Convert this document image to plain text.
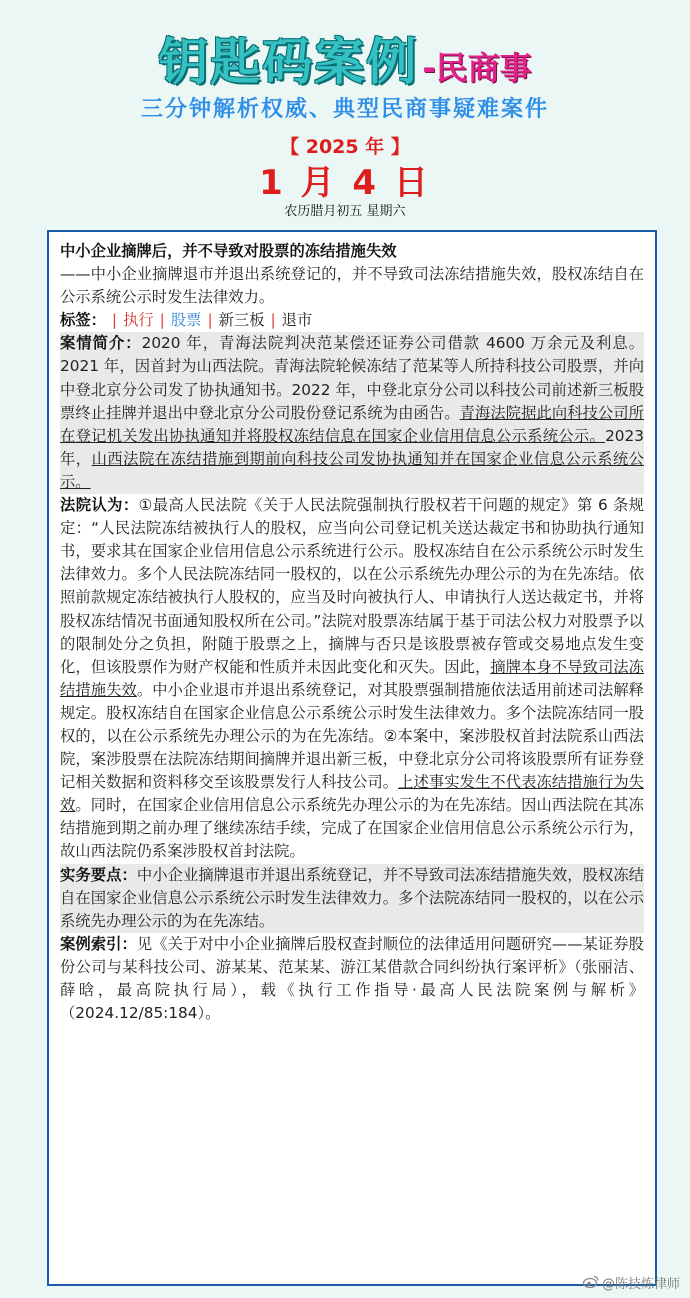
钥匙码案例 -民商事
三分钟解析权威、典型民商事疑难案件
【 2025 年 】
1 月 4 日
农历腊月初五 星期六
中小企业摘牌后，并不导致对股票的冻结措施失效
——中小企业摘牌退市并退出系统登记的，并不导致司法冻结措施失效，股权冻结自在公示系统公示时发生法律效力。
标签： | 执行 | 股票 | 新三板 | 退市
案情简介：2020 年，青海法院判决范某偿还证券公司借款 4600 万余元及利息。2021 年，因首封为山西法院。青海法院轮候冻结了范某等人所持科技公司股票，并向中登北京分公司发了协执通知书。2022 年，中登北京分公司以科技公司前述新三板股票终止挂牌并退出中登北京分公司股份登记系统为由函告。青海法院据此向科技公司所在登记机关发出协执通知并将股权冻结信息在国家企业信用信息公示系统公示。2023 年，山西法院在冻结措施到期前向科技公司发协执通知并在国家企业信息公示系统公示。
法院认为：①最高人民法院《关于人民法院强制执行股权若干问题的规定》第 6 条规定：“人民法院冻结被执行人的股权，应当向公司登记机关送达裁定书和协助执行通知书，要求其在国家企业信用信息公示系统进行公示。股权冻结自在公示系统公示时发生法律效力。多个人民法院冻结同一股权的，以在公示系统先办理公示的为在先冻结。依照前款规定冻结被执行人股权的，应当及时向被执行人、申请执行人送达裁定书，并将股权冻结情况书面通知股权所在公司。”法院对股票冻结属于基于司法公权力对股票予以的限制处分之负担，附随于股票之上，摘牌与否只是该股票被存管或交易地点发生变化，但该股票作为财产权能和性质并未因此变化和灭失。因此，摘牌本身不导致司法冻结措施失效。中小企业退市并退出系统登记，对其股票强制措施依法适用前述司法解释规定。股权冻结自在国家企业信息公示系统公示时发生法律效力。多个法院冻结同一股权的，以在公示系统先办理公示的为在先冻结。②本案中，案涉股权首封法院系山西法院，案涉股票在法院冻结期间摘牌并退出新三板，中登北京分公司将该股票所有证券登记相关数据和资料移交至该股票发行人科技公司。上述事实发生不代表冻结措施行为失效。同时，在国家企业信用信息公示系统先办理公示的为在先冻结。因山西法院在其冻结措施到期之前办理了继续冻结手续，完成了在国家企业信用信息公示系统公示行为，故山西法院仍系案涉股权首封法院。
实务要点：中小企业摘牌退市并退出系统登记，并不导致司法冻结措施失效，股权冻结自在国家企业信息公示系统公示时发生法律效力。多个法院冻结同一股权的，以在公示系统先办理公示的为在先冻结。
案例索引：见《关于对中小企业摘牌后股权查封顺位的法律适用问题研究——某证券股份公司与某科技公司、游某某、范某某、游江某借款合同纠纷执行案评析》（张丽洁、薛晗，最高院执行局），载《执行工作指导·最高人民法院案例与解析》（2024.12/85:184）。
@陈技炼律师
